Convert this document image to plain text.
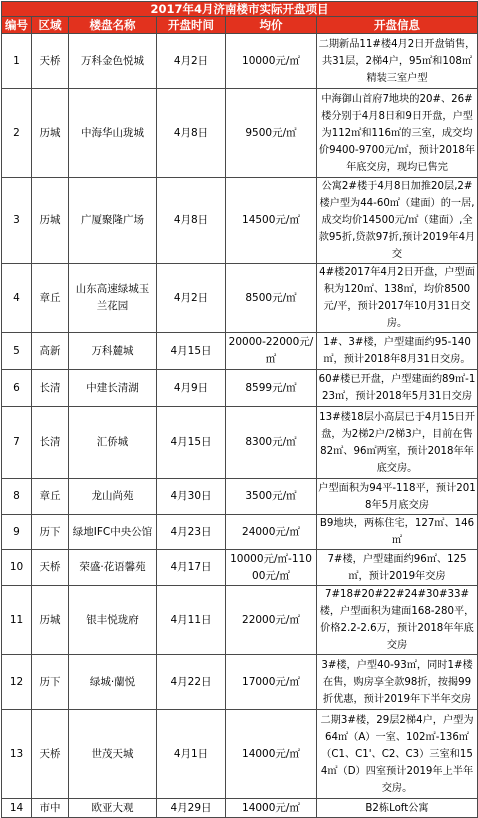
2017年4月济南楼市实际开盘项目					
编号	区域	楼盘名称	开盘时间	均价	开盘信息
1	天桥	万科金色悦城	4月2日	10000元/㎡	二期新品11#楼4月2日开盘销售，共31层，2梯4户，95㎡和108㎡精装三室户型
2	历城	中海华山珑城	4月8日	9500元/㎡	中海御山首府7地块的20#、26#楼分别于4月8日和9日开盘，户型为112㎡和116㎡的三室，成交均价9400-9700元/㎡，预计2018年年底交房，现均已售完
3	历城	广厦聚隆广场	4月8日	14500元/㎡	公寓2#楼于4月8日加推20层,2#楼户型为44-60㎡（建面）的一居,成交均价14500元/㎡（建面）,全款95折,贷款97折,预计2019年4月交
4	章丘	山东高速绿城玉兰花园	4月2日	8500元/㎡	4#楼2017年4月2日开盘，户型面积为120㎡、138㎡，均价8500元/平，预计2017年10月31日交房。
5	高新	万科麓城	4月15日	20000-22000元/㎡	1#、3#楼，户型建面约95-140㎡，预计2018年8月31日交房。
6	长清	中建长清湖	4月9日	8599元/㎡	60#楼已开盘，户型建面约89㎡-123㎡，预计2018年5月31日交房
7	长清	汇侨城	4月15日	8300元/㎡	13#楼18层小高层已于4月15日开盘，为2梯2户/2梯3户，目前在售82㎡、96㎡两室，预计2018年年底交房。
8	章丘	龙山尚苑	4月30日	3500元/㎡	户型面积为94平-118平，预计2018年5月底交房
9	历下	绿地IFC中央公馆	4月23日	24000元/㎡	B9地块，两栋住宅，127㎡、146㎡
10	天桥	荣盛·花语馨苑	4月17日	10000元/㎡-11000元/㎡	7#楼，户型建面约96㎡、125㎡，预计2019年交房
11	历城	银丰悦珑府	4月11日	22000元/㎡	7#18#20#22#24#30#33#楼，户型面积为建面168-280平，价格2.2-2.6万，预计2018年年底交房
12	历下	绿城·蘭悦	4月22日	17000元/㎡	3#楼，户型40-93㎡，同时1#楼在售，购房享全款98折，按揭99折优惠，预计2019年下半年交房
13	天桥	世茂天城	4月1日	14000元/㎡	二期3#楼，29层2梯4户，户型为64㎡（A）一室、102㎡-136㎡（C1、C1'、C2、C3）三室和154㎡（D）四室预计2019年上半年交房。
14	市中	欧亚大观	4月29日	14000元/㎡	B2栋Loft公寓
